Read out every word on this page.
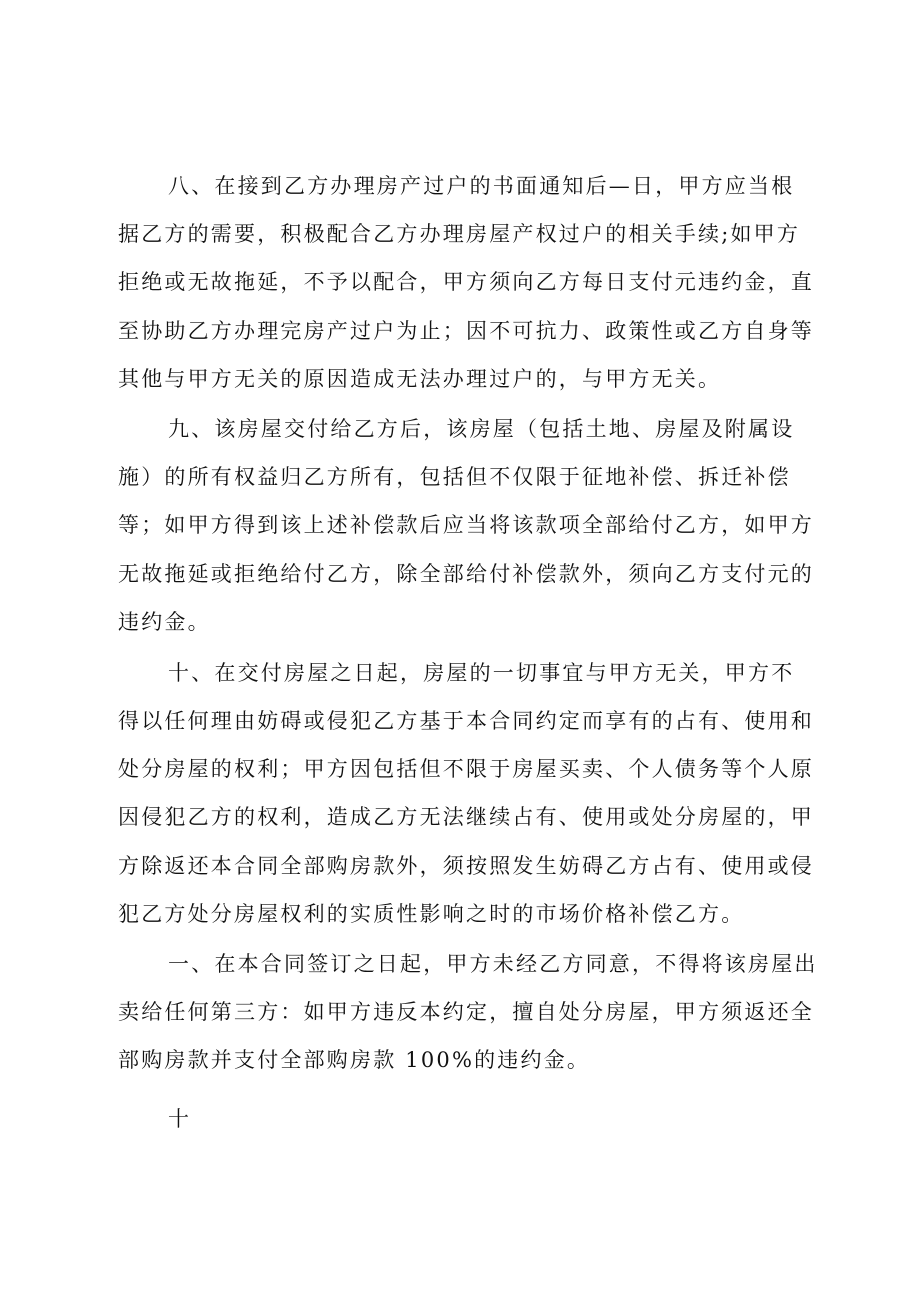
八、在接到乙方办理房产过户的书面通知后—日，甲方应当根
据乙方的需要，积极配合乙方办理房屋产权过户的相关手续;如甲方
拒绝或无故拖延，不予以配合，甲方须向乙方每日支付元违约金，直
至协助乙方办理完房产过户为止；因不可抗力、政策性或乙方自身等
其他与甲方无关的原因造成无法办理过户的，与甲方无关。
九、该房屋交付给乙方后，该房屋（包括土地、房屋及附属设
施）的所有权益归乙方所有，包括但不仅限于征地补偿、拆迁补偿
等；如甲方得到该上述补偿款后应当将该款项全部给付乙方，如甲方
无故拖延或拒绝给付乙方，除全部给付补偿款外，须向乙方支付元的
违约金。
十、在交付房屋之日起，房屋的一切事宜与甲方无关，甲方不
得以任何理由妨碍或侵犯乙方基于本合同约定而享有的占有、使用和
处分房屋的权利；甲方因包括但不限于房屋买卖、个人债务等个人原
因侵犯乙方的权利，造成乙方无法继续占有、使用或处分房屋的，甲
方除返还本合同全部购房款外，须按照发生妨碍乙方占有、使用或侵
犯乙方处分房屋权利的实质性影响之时的市场价格补偿乙方。
一、在本合同签订之日起，甲方未经乙方同意，不得将该房屋出
卖给任何第三方：如甲方违反本约定，擅自处分房屋，甲方须返还全
部购房款并支付全部购房款 100%的违约金。
十
